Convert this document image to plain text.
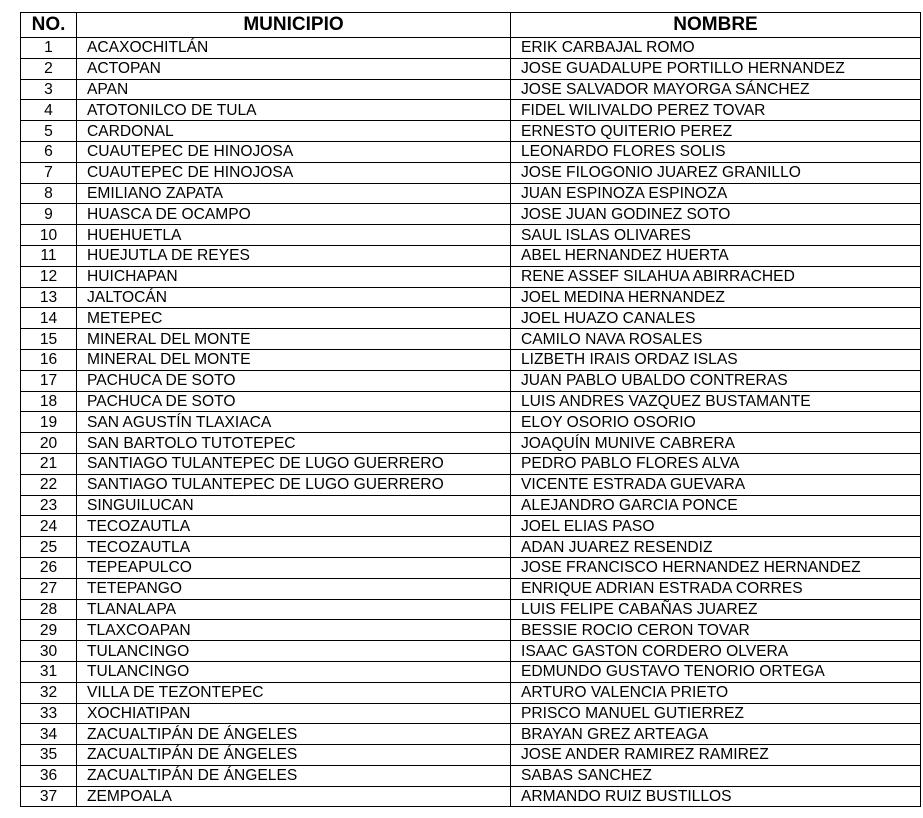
NO.	MUNICIPIO	NOMBRE
1	ACAXOCHITLÁN	ERIK CARBAJAL ROMO
2	ACTOPAN	JOSE GUADALUPE PORTILLO HERNANDEZ
3	APAN	JOSE SALVADOR MAYORGA SÁNCHEZ
4	ATOTONILCO DE TULA	FIDEL WILIVALDO PEREZ TOVAR
5	CARDONAL	ERNESTO QUITERIO PEREZ
6	CUAUTEPEC DE HINOJOSA	LEONARDO FLORES SOLIS
7	CUAUTEPEC DE HINOJOSA	JOSE FILOGONIO JUAREZ GRANILLO
8	EMILIANO ZAPATA	JUAN ESPINOZA ESPINOZA
9	HUASCA DE OCAMPO	JOSE JUAN GODINEZ SOTO
10	HUEHUETLA	SAUL ISLAS OLIVARES
11	HUEJUTLA DE REYES	ABEL HERNANDEZ HUERTA
12	HUICHAPAN	RENE ASSEF SILAHUA ABIRRACHED
13	JALTOCÁN	JOEL MEDINA HERNANDEZ
14	METEPEC	JOEL HUAZO CANALES
15	MINERAL DEL MONTE	CAMILO NAVA ROSALES
16	MINERAL DEL MONTE	LIZBETH IRAIS ORDAZ ISLAS
17	PACHUCA DE SOTO	JUAN PABLO UBALDO CONTRERAS
18	PACHUCA DE SOTO	LUIS ANDRES VAZQUEZ BUSTAMANTE
19	SAN AGUSTÍN TLAXIACA	ELOY OSORIO OSORIO
20	SAN BARTOLO TUTOTEPEC	JOAQUÍN MUNIVE CABRERA
21	SANTIAGO TULANTEPEC DE LUGO GUERRERO	PEDRO PABLO FLORES ALVA
22	SANTIAGO TULANTEPEC DE LUGO GUERRERO	VICENTE ESTRADA GUEVARA
23	SINGUILUCAN	ALEJANDRO GARCIA PONCE
24	TECOZAUTLA	JOEL ELIAS PASO
25	TECOZAUTLA	ADAN JUAREZ RESENDIZ
26	TEPEAPULCO	JOSE FRANCISCO HERNANDEZ HERNANDEZ
27	TETEPANGO	ENRIQUE ADRIAN ESTRADA CORRES
28	TLANALAPA	LUIS FELIPE CABAÑAS JUAREZ
29	TLAXCOAPAN	BESSIE ROCIO CERON TOVAR
30	TULANCINGO	ISAAC GASTON CORDERO OLVERA
31	TULANCINGO	EDMUNDO GUSTAVO TENORIO ORTEGA
32	VILLA DE TEZONTEPEC	ARTURO VALENCIA PRIETO
33	XOCHIATIPAN	PRISCO MANUEL GUTIERREZ
34	ZACUALTIPÁN DE ÁNGELES	BRAYAN GREZ ARTEAGA
35	ZACUALTIPÁN DE ÁNGELES	JOSE ANDER RAMIREZ RAMIREZ
36	ZACUALTIPÁN DE ÁNGELES	SABAS SANCHEZ
37	ZEMPOALA	ARMANDO RUIZ BUSTILLOS
